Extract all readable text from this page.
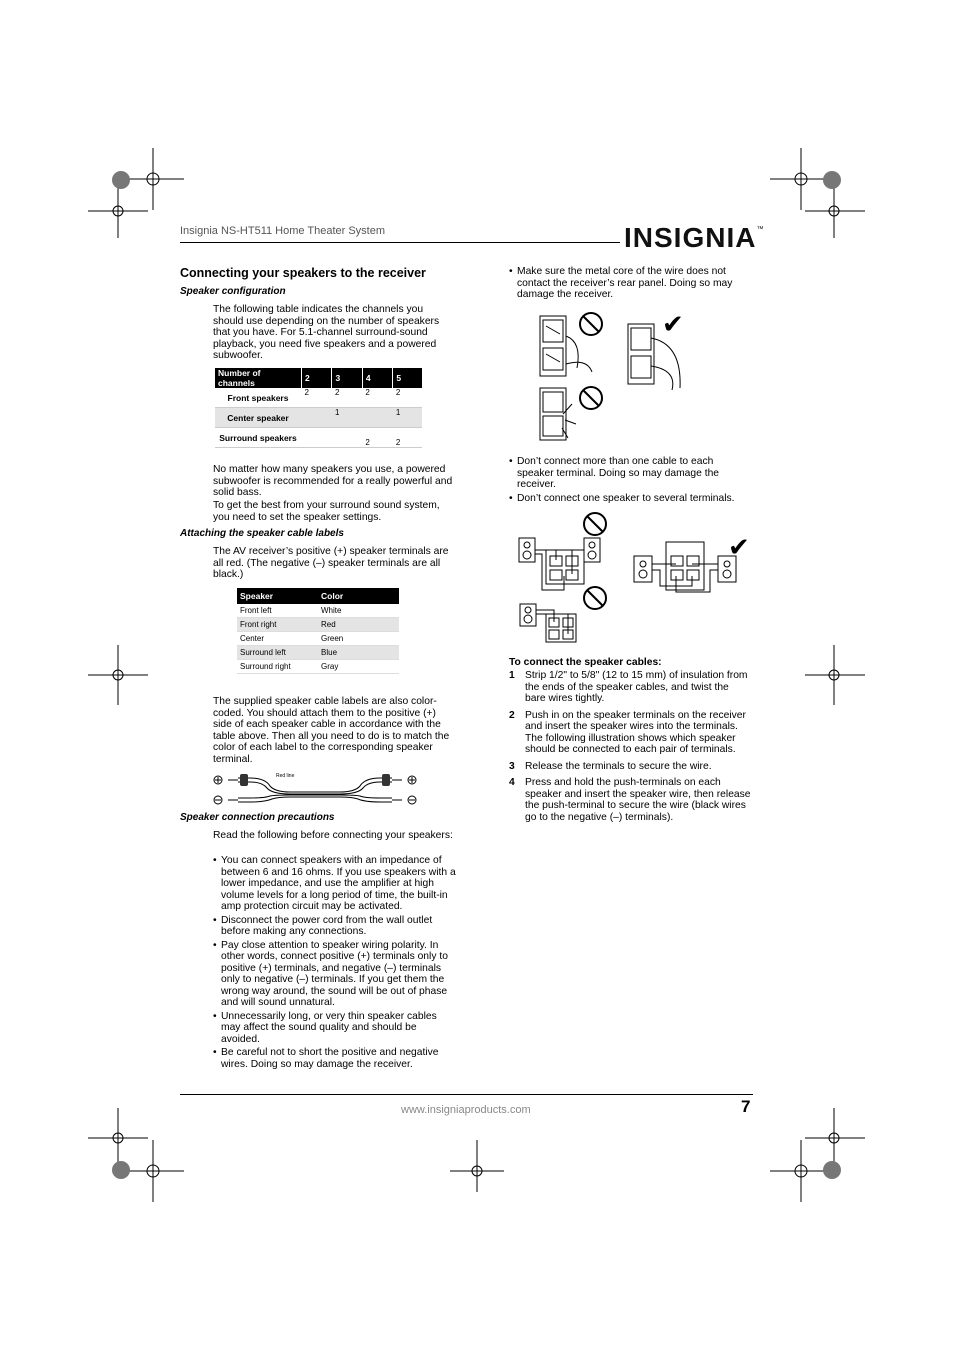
Insignia NS-HT511 Home Theater System	INSIGNIA™
Connecting your speakers to the receiver
Speaker configuration

The following table indicates the channels you should use depending on the number of speakers that you have. For 5.1-channel surround-sound playback, you need five speakers and a powered subwoofer.

Number of channels	2	3	4	5
Front speakers	2	2	2	2
Center speaker		1		1
Surround speakers			2	2

No matter how many speakers you use, a powered subwoofer is recommended for a really powerful and solid bass.

To get the best from your surround sound system, you need to set the speaker settings.

Attaching the speaker cable labels

The AV receiver’s positive (+) speaker terminals are all red. (The negative (–) speaker terminals are all black.)

Speaker	Color
Front left	White
Front right	Red
Center	Green
Surround left	Blue
Surround right	Gray

The supplied speaker cable labels are also color-coded. You should attach them to the positive (+) side of each speaker cable in accordance with the table above. Then all you need to do is to match the color of each label to the corresponding speaker terminal.

Red line
Speaker connection precautions

Read the following before connecting your speakers:

• You can connect speakers with an impedance of between 6 and 16 ohms. If you use speakers with a lower impedance, and use the amplifier at high volume levels for a long period of time, the built-in amp protection circuit may be activated.
• Disconnect the power cord from the wall outlet before making any connections.
• Pay close attention to speaker wiring polarity. In other words, connect positive (+) terminals only to positive (+) terminals, and negative (–) terminals only to negative (–) terminals. If you get them the wrong way around, the sound will be out of phase and will sound unnatural.
• Unnecessarily long, or very thin speaker cables may affect the sound quality and should be avoided.
• Be careful not to short the positive and negative wires. Doing so may damage the receiver.
• Make sure the metal core of the wire does not contact the receiver’s rear panel. Doing so may damage the receiver.
✔
• Don’t connect more than one cable to each speaker terminal. Doing so may damage the receiver.
• Don’t connect one speaker to several terminals.
✔
To connect the speaker cables:
1 Strip 1/2" to 5/8" (12 to 15 mm) of insulation from the ends of the speaker cables, and twist the bare wires tightly.
2 Push in on the speaker terminals on the receiver and insert the speaker wires into the terminals. The following illustration shows which speaker should be connected to each pair of terminals.
3 Release the terminals to secure the wire.
4 Press and hold the push-terminals on each speaker and insert the speaker wire, then release the push-terminal to secure the wire (black wires go to the negative (–) terminals).
www.insigniaproducts.com	7
